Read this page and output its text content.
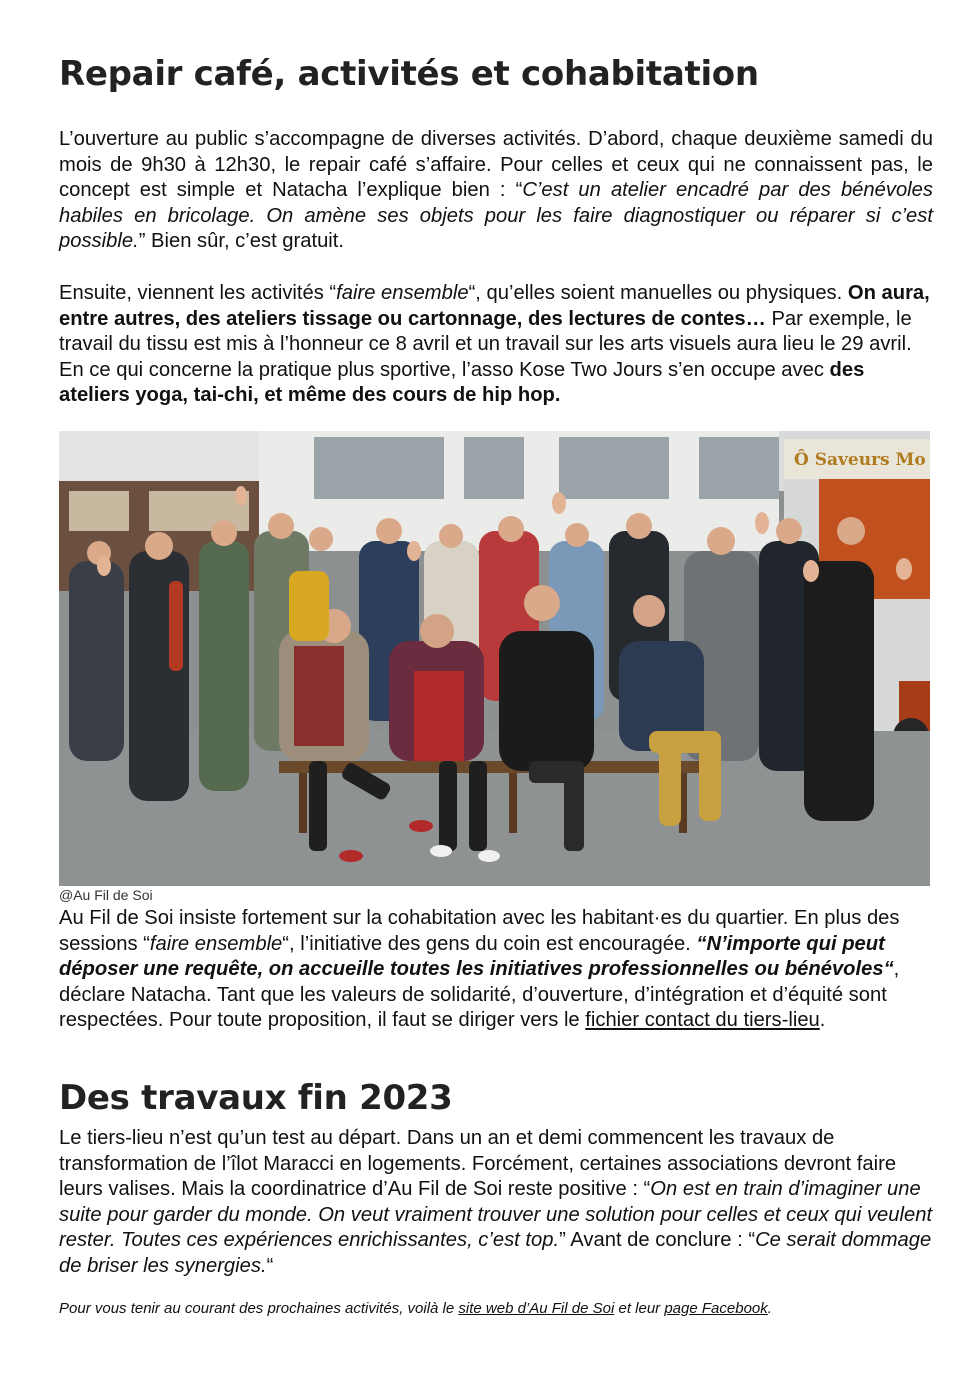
Repair café, activités et cohabitation

L’ouverture au public s’accompagne de diverses activités. D’abord, chaque deuxième samedi du mois de 9h30 à 12h30, le repair café s’affaire. Pour celles et ceux qui ne connaissent pas, le concept est simple et Natacha l’explique bien : “C’est un atelier encadré par des bénévoles habiles en bricolage. On amène ses objets pour les faire diagnostiquer ou réparer si c’est possible.” Bien sûr, c’est gratuit.

Ensuite, viennent les activités “faire ensemble“, qu’elles soient manuelles ou physiques. On aura, entre autres, des ateliers tissage ou cartonnage, des lectures de contes… Par exemple, le travail du tissu est mis à l’honneur ce 8 avril et un travail sur les arts visuels aura lieu le 29 avril. En ce qui concerne la pratique plus sportive, l’asso Kose Two Jours s’en occupe avec des ateliers yoga, tai-chi, et même des cours de hip hop.

Ô Saveurs Mo
@Au Fil de Soi

Au Fil de Soi insiste fortement sur la cohabitation avec les habitant·es du quartier. En plus des sessions “faire ensemble“, l’initiative des gens du coin est encouragée. “N’importe qui peut déposer une requête, on accueille toutes les initiatives professionnelles ou bénévoles“, déclare Natacha. Tant que les valeurs de solidarité, d’ouverture, d’intégration et d’équité sont respectées. Pour toute proposition, il faut se diriger vers le fichier contact du tiers-lieu.

Des travaux fin 2023

Le tiers-lieu n’est qu’un test au départ. Dans un an et demi commencent les travaux de transformation de l’îlot Maracci en logements. Forcément, certaines associations devront faire leurs valises. Mais la coordinatrice d’Au Fil de Soi reste positive : “On est en train d’imaginer une suite pour garder du monde. On veut vraiment trouver une solution pour celles et ceux qui veulent rester. Toutes ces expériences enrichissantes, c’est top.” Avant de conclure : “Ce serait dommage de briser les synergies.“

Pour vous tenir au courant des prochaines activités, voilà le site web d’Au Fil de Soi et leur page Facebook.
